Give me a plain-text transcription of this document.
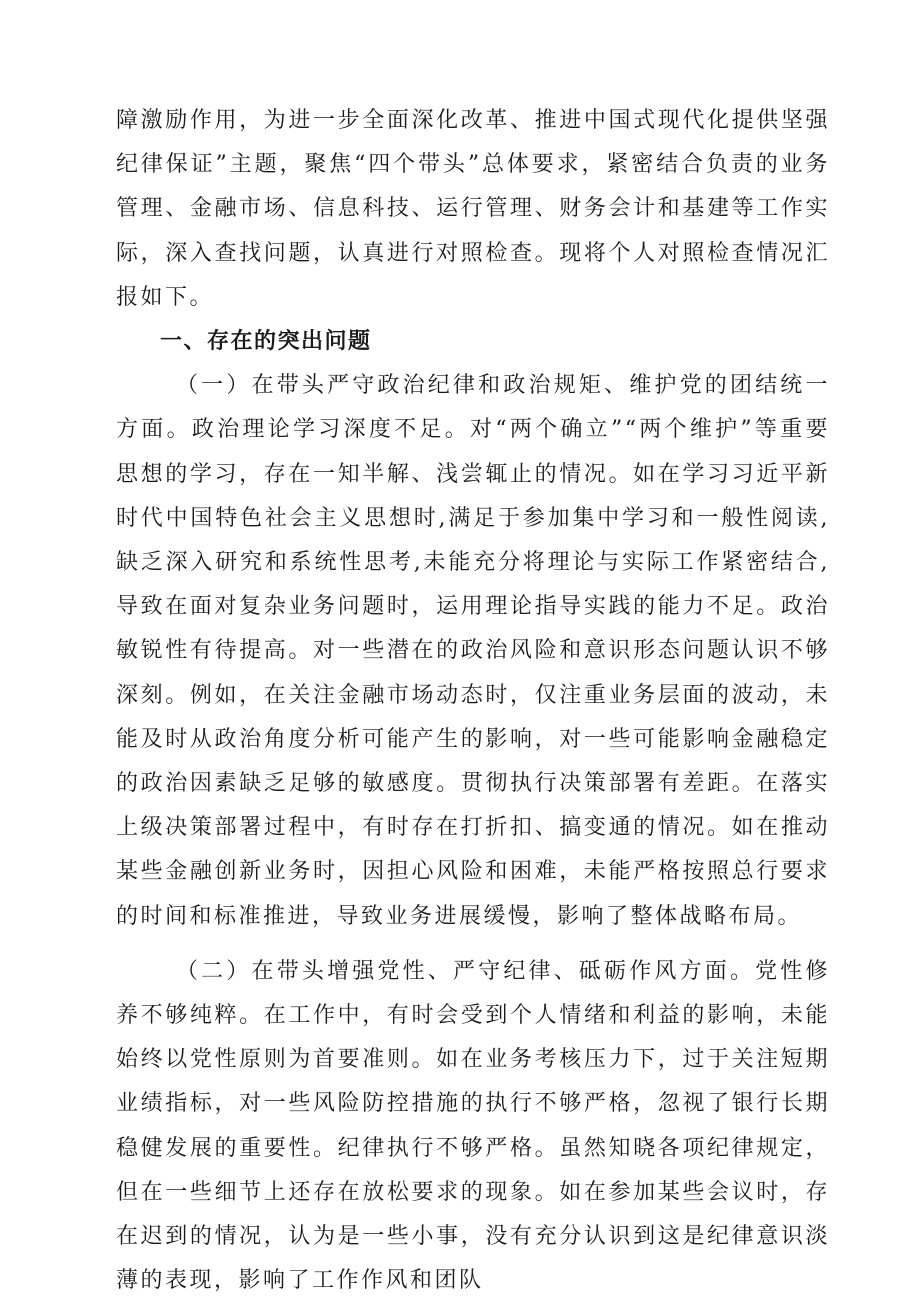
障激励作用，为进一步全面深化改革、推进中国式现代化提供坚强纪律保证”主题，聚焦“四个带头”总体要求，紧密结合负责的业务管理、金融市场、信息科技、运行管理、财务会计和基建等工作实际，深入查找问题，认真进行对照检查。现将个人对照检查情况汇报如下。

一、存在的突出问题

（一）在带头严守政治纪律和政治规矩、维护党的团结统一方面。政治理论学习深度不足。对“两个确立”“两个维护”等重要思想的学习，存在一知半解、浅尝辄止的情况。如在学习习近平新时代中国特色社会主义思想时,满足于参加集中学习和一般性阅读,缺乏深入研究和系统性思考,未能充分将理论与实际工作紧密结合,导致在面对复杂业务问题时，运用理论指导实践的能力不足。政治敏锐性有待提高。对一些潜在的政治风险和意识形态问题认识不够深刻。例如，在关注金融市场动态时，仅注重业务层面的波动，未能及时从政治角度分析可能产生的影响，对一些可能影响金融稳定的政治因素缺乏足够的敏感度。贯彻执行决策部署有差距。在落实上级决策部署过程中，有时存在打折扣、搞变通的情况。如在推动某些金融创新业务时，因担心风险和困难，未能严格按照总行要求的时间和标准推进，导致业务进展缓慢，影响了整体战略布局。

（二）在带头增强党性、严守纪律、砥砺作风方面。党性修养不够纯粹。在工作中，有时会受到个人情绪和利益的影响，未能始终以党性原则为首要准则。如在业务考核压力下，过于关注短期业绩指标，对一些风险防控措施的执行不够严格，忽视了银行长期稳健发展的重要性。纪律执行不够严格。虽然知晓各项纪律规定，但在一些细节上还存在放松要求的现象。如在参加某些会议时，存在迟到的情况，认为是一些小事，没有充分认识到这是纪律意识淡薄的表现，影响了工作作风和团队
